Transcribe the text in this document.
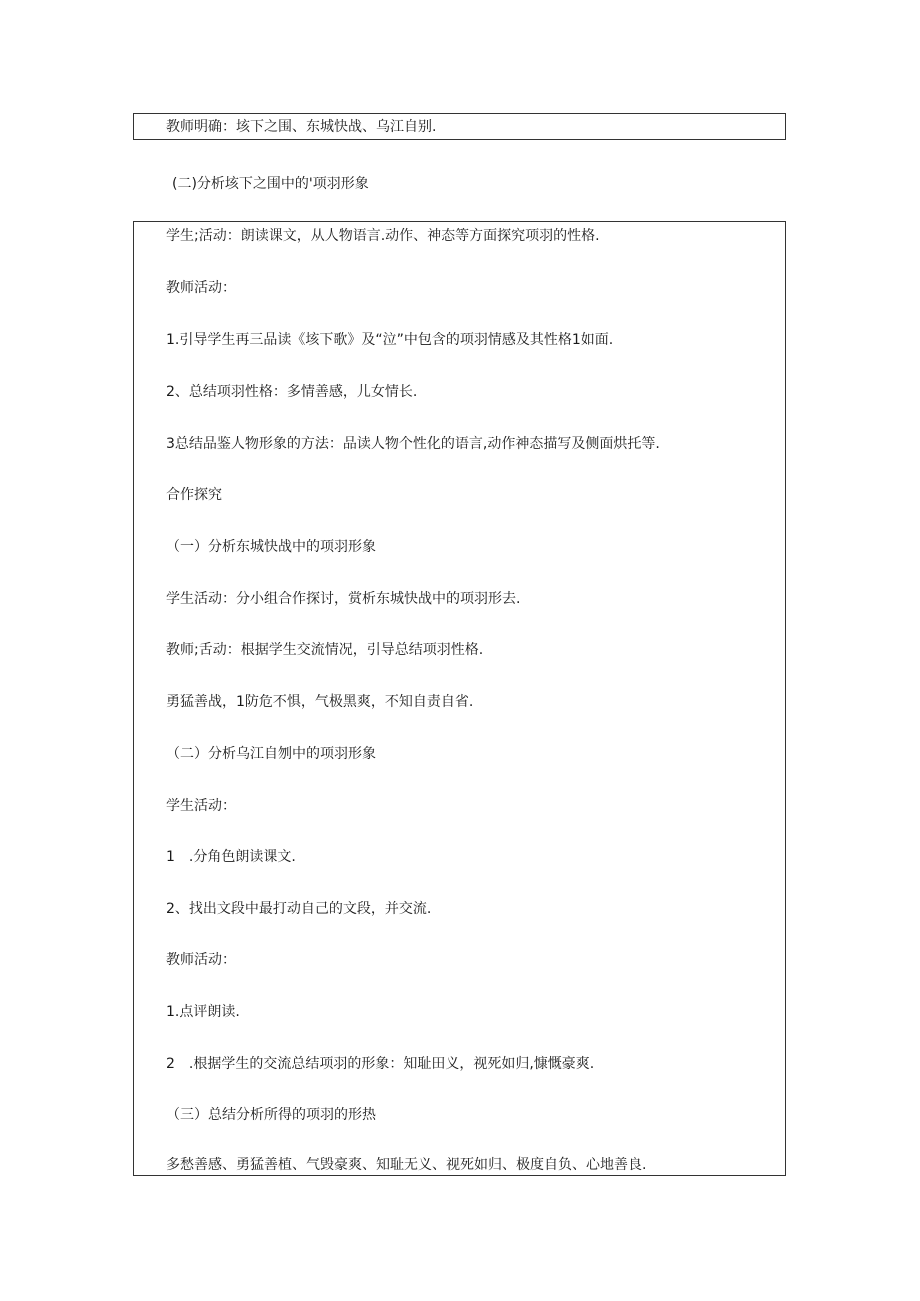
教师明确：垓下之围、东城快战、乌江自别.

(二)分析垓下之围中的'项羽形象

学生;活动：朗读课文，从人物语言.动作、神态等方面探究项羽的性格.

教师活动：

1.引导学生再三品读《垓下歌》及“泣”中包含的项羽情感及其性格1如面.

2、总结项羽性格：多情善感，儿女情长.

3总结品鉴人物形象的方法：品读人物个性化的语言,动作神态描写及侧面烘托等.

合作探究

（一）分析东城快战中的项羽形象

学生活动：分小组合作探讨，赏析东城快战中的项羽形去.

教师;舌动：根据学生交流情况，引导总结项羽性格.

勇猛善战，1防危不惧，气极黑爽，不知自责自省.

（二）分析乌江自刎中的项羽形象

学生活动：

1　.分角色朗读课文.

2、找出文段中最打动自己的文段，并交流.

教师活动：

1.点评朗读.

2　.根据学生的交流总结项羽的形象：知耻田义，视死如归,慷慨豪爽.

（三）总结分析所得的项羽的形热

多愁善感、勇猛善植、气毁豪爽、知耻无义、视死如归、极度自负、心地善良.
